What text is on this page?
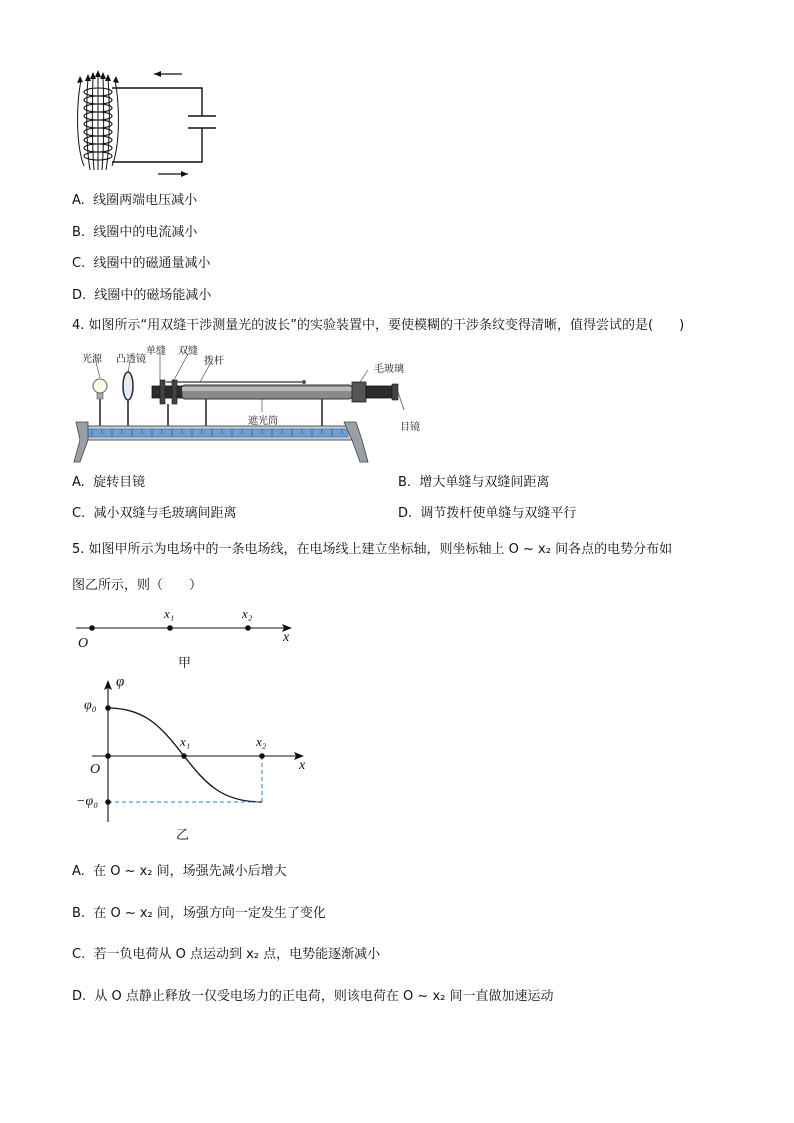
A. 线圈两端电压减小
B. 线圈中的电流减小
C. 线圈中的磁通量减小
D. 线圈中的磁场能减小
4. 如图所示“用双缝干涉测量光的波长”的实验装置中，要使模糊的干涉条纹变得清晰，值得尝试的是(　　)
光源 凸透镜
单缝 双缝
拨杆
毛玻璃
遮光筒
目镜
A. 旋转目镜	B. 增大单缝与双缝间距离
C. 减小双缝与毛玻璃间距离	D. 调节拨杆使单缝与双缝平行
5. 如图甲所示为电场中的一条电场线，在电场线上建立坐标轴，则坐标轴上 O ~ x₂ 间各点的电势分布如
图乙所示，则（　　）
O
x₁	x₂
x
甲
φ
φ₀
O
−φ₀
x₁	x₂
x
乙
A. 在 O ~ x₂ 间，场强先减小后增大
B. 在 O ~ x₂ 间，场强方向一定发生了变化
C. 若一负电荷从 O 点运动到 x₂ 点，电势能逐渐减小
D. 从 O 点静止释放一仅受电场力的正电荷，则该电荷在 O ~ x₂ 间一直做加速运动
